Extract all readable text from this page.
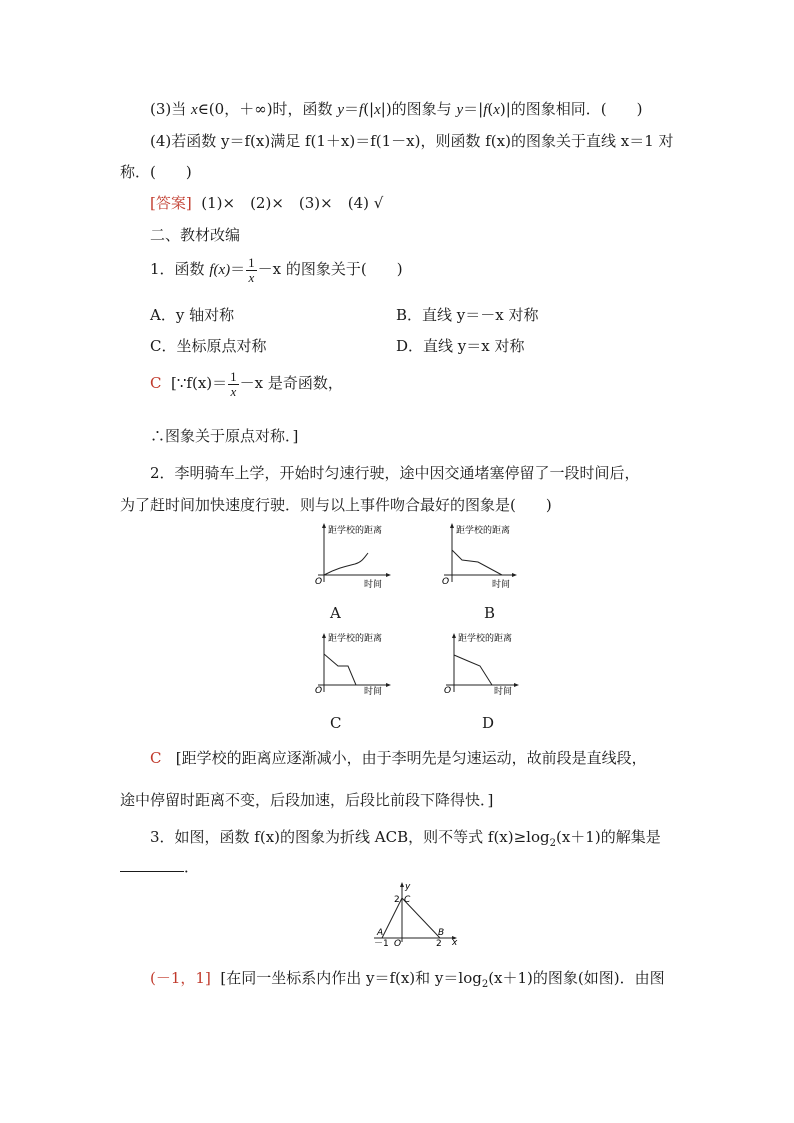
(3)当 x∈(0，＋∞)时，函数 y＝f(|x|)的图象与 y＝|f(x)|的图象相同．(　　)
(4)若函数 y＝f(x)满足 f(1＋x)＝f(1－x)，则函数 f(x)的图象关于直线 x＝1 对
称．(　　)
[答案] (1)×　(2)×　(3)×　(4) √
二、教材改编
1．函数 $f(x)= \frac{1}{x} -x$ 的图象关于(　　)
A．y 轴对称	B．直线 y＝－x 对称
C．坐标原点对称	D．直线 y＝x 对称
C [∵f(x)＝ $\frac{1}{x} -x$ 是奇函数，
∴图象关于原点对称．]
2．李明骑车上学，开始时匀速行驶，途中因交通堵塞停留了一段时间后，
为了赶时间加快速度行驶．则与以上事件吻合最好的图象是(　　)
距学校的距离
时间
O
A
距学校的距离
时间
O
B
距学校的距离
时间
O
C
距学校的距离
时间
O
D
C [距学校的距离应逐渐减小，由于李明先是匀速运动，故前段是直线段，
途中停留时距离不变，后段加速，后段比前段下降得快．]
3．如图，函数 f(x)的图象为折线 ACB，则不等式 $f(x)\ge\log_2(x+1)$的解集是
．
y
x
C
2
A	B
O	2
－1
(－1，1] [在同一坐标系内作出 y＝f(x)和 $y=\log_2(x+1)$的图象(如图)．由图
